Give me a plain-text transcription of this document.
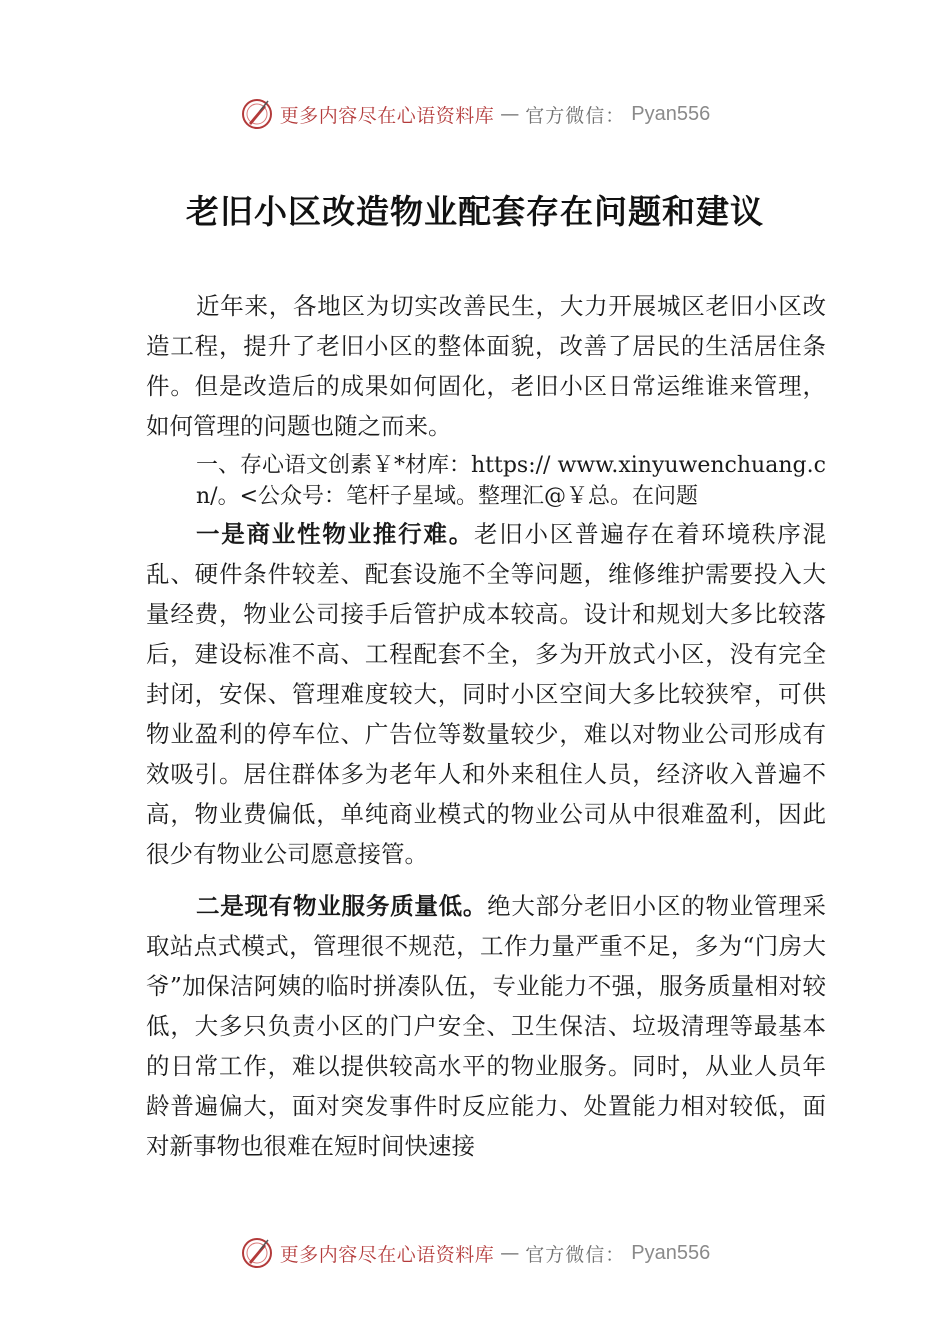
更多内容尽在心语资料库 — 官方微信： Pyan556
老旧小区改造物业配套存在问题和建议

近年来，各地区为切实改善民生，大力开展城区老旧小区改造工程，提升了老旧小区的整体面貌，改善了居民的生活居住条件。但是改造后的成果如何固化，老旧小区日常运维谁来管理，如何管理的问题也随之而来。

一、存心语文创素￥*材库：https:// www.xinyuwenchuang.cn/。<公众号：笔杆子星域。整理汇@￥总。在问题

一是商业性物业推行难。老旧小区普遍存在着环境秩序混乱、硬件条件较差、配套设施不全等问题，维修维护需要投入大量经费，物业公司接手后管护成本较高。设计和规划大多比较落后，建设标准不高、工程配套不全，多为开放式小区，没有完全封闭，安保、管理难度较大，同时小区空间大多比较狭窄，可供物业盈利的停车位、广告位等数量较少，难以对物业公司形成有效吸引。居住群体多为老年人和外来租住人员，经济收入普遍不高，物业费偏低，单纯商业模式的物业公司从中很难盈利，因此很少有物业公司愿意接管。

二是现有物业服务质量低。绝大部分老旧小区的物业管理采取站点式模式，管理很不规范，工作力量严重不足，多为“门房大爷”加保洁阿姨的临时拼凑队伍，专业能力不强，服务质量相对较低，大多只负责小区的门户安全、卫生保洁、垃圾清理等最基本的日常工作，难以提供较高水平的物业服务。同时，从业人员年龄普遍偏大，面对突发事件时反应能力、处置能力相对较低，面对新事物也很难在短时间快速接

更多内容尽在心语资料库 — 官方微信： Pyan556
